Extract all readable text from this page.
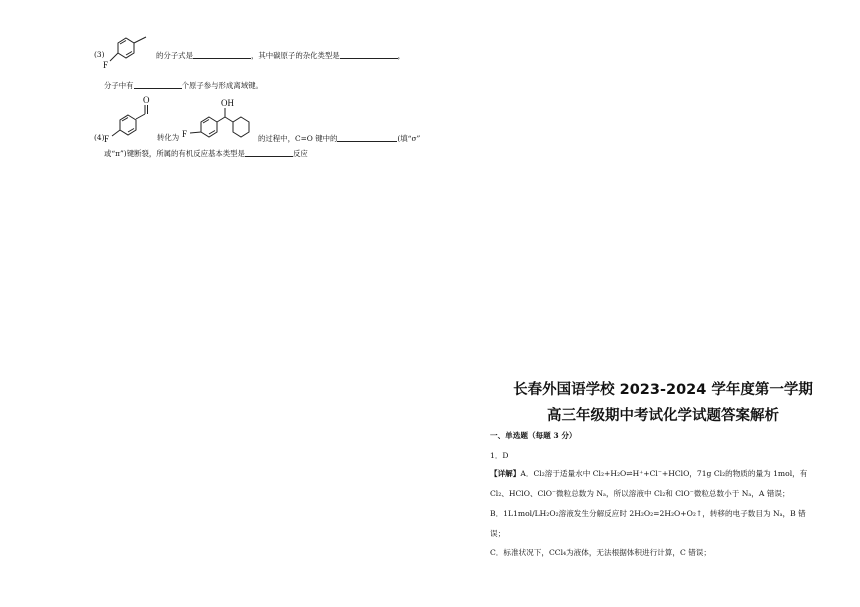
(3)
F
的分子式是	，其中碳原子的杂化类型是	，
分子中有	个原子参与形成离域键。
(4)
O
F	转化为
OH
F	的过程中，C=O 键中的	(填“σ”
或“π”)键断裂，所属的有机反应基本类型是	反应
长春外国语学校 2023-2024 学年度第一学期
高三年级期中考试化学试题答案解析
一、单选题（每题 3 分）
1．D
【详解】A．Cl₂溶于适量水中 Cl₂+H₂O⇌H⁺+Cl⁻+HClO，71g Cl₂的物质的量为 1mol，有
Cl₂、HClO、ClO⁻微粒总数为 Nₐ，所以溶液中 Cl₂和 ClO⁻微粒总数小于 Nₐ，A 错误；
B．1L1mol/LH₂O₂溶液发生分解反应时 2H₂O₂=2H₂O+O₂↑，转移的电子数目为 Nₐ，B 错
误；
C．标准状况下，CCl₄为液体，无法根据体积进行计算，C 错误；
